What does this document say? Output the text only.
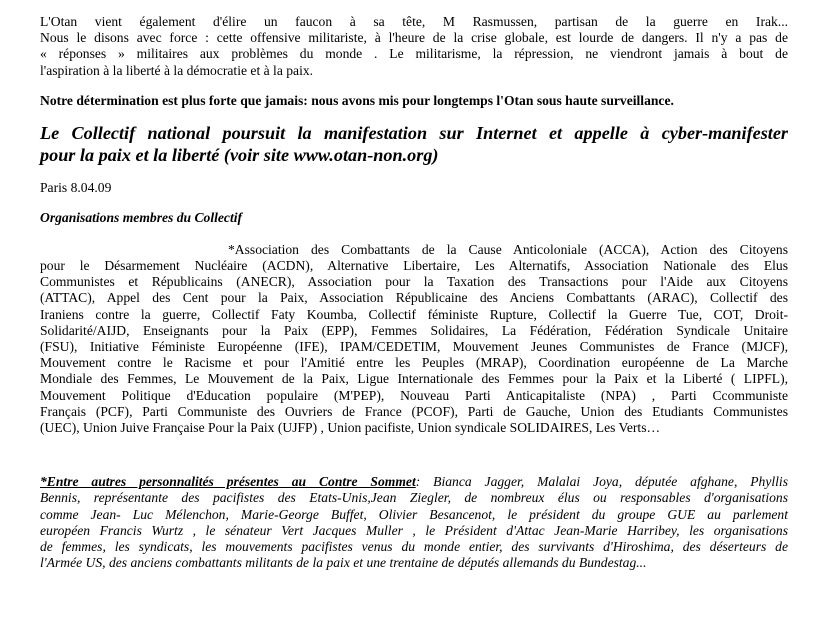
L'Otan vient également d'élire un faucon à sa tête, M Rasmussen, partisan de la guerre en Irak...
Nous le disons avec force : cette offensive militariste, à l'heure de la crise globale, est lourde de dangers. Il n'y a pas de
« réponses » militaires aux problèmes du monde . Le militarisme, la répression, ne viendront jamais à bout de
l'aspiration à la liberté à la démocratie et à la paix.

Notre détermination est plus forte que jamais: nous avons mis pour longtemps l'Otan sous haute surveillance.

Le Collectif national poursuit la manifestation sur Internet et appelle à cyber-manifester
pour la paix et la liberté (voir site www.otan-non.org)

Paris 8.04.09

Organisations membres du Collectif

*Association des Combattants de la Cause Anticoloniale (ACCA), Action des Citoyens
pour le Désarmement Nucléaire (ACDN), Alternative Libertaire, Les Alternatifs, Association Nationale des Elus
Communistes et Républicains (ANECR), Association pour la Taxation des Transactions pour l'Aide aux Citoyens
(ATTAC), Appel des Cent pour la Paix, Association Républicaine des Anciens Combattants (ARAC), Collectif des
Iraniens contre la guerre, Collectif Faty Koumba, Collectif féministe Rupture, Collectif la Guerre Tue, COT, Droit-
Solidarité/AIJD, Enseignants pour la Paix (EPP), Femmes Solidaires, La Fédération, Fédération Syndicale Unitaire
(FSU), Initiative Féministe Européenne (IFE), IPAM/CEDETIM, Mouvement Jeunes Communistes de France (MJCF),
Mouvement contre le Racisme et pour l'Amitié entre les Peuples (MRAP), Coordination européenne de La Marche
Mondiale des Femmes, Le Mouvement de la Paix, Ligue Internationale des Femmes pour la Paix et la Liberté ( LIPFL),
Mouvement Politique d'Education populaire (M'PEP), Nouveau Parti Anticapitaliste (NPA) , Parti Ccommuniste
Français (PCF), Parti Communiste des Ouvriers de France (PCOF), Parti de Gauche, Union des Etudiants Communistes
(UEC), Union Juive Française Pour la Paix (UJFP) , Union pacifiste, Union syndicale SOLIDAIRES, Les Verts…

*Entre autres personnalités présentes au Contre Sommet: Bianca Jagger, Malalai Joya, députée afghane, Phyllis
Bennis, représentante des pacifistes des Etats-Unis,Jean Ziegler, de nombreux élus ou responsables d'organisations
comme Jean- Luc Mélenchon, Marie-George Buffet, Olivier Besancenot, le président du groupe GUE au parlement
européen Francis Wurtz , le sénateur Vert Jacques Muller , le Président d'Attac Jean-Marie Harribey, les organisations
de femmes, les syndicats, les mouvements pacifistes venus du monde entier, des survivants d'Hiroshima, des déserteurs de
l'Armée US, des anciens combattants militants de la paix et une trentaine de députés allemands du Bundestag...
